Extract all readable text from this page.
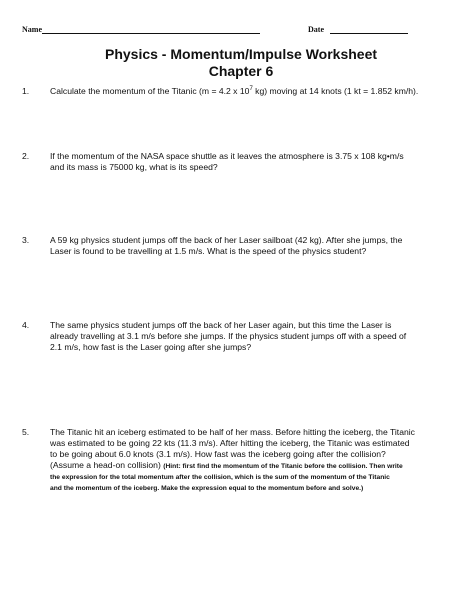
Name	Date
Physics - Momentum/Impulse Worksheet
Chapter 6
1. Calculate the momentum of the Titanic (m = 4.2 x $10^7$ kg) moving at 14 knots (1 kt = 1.852 km/h).

2. If the momentum of the NASA space shuttle as it leaves the atmosphere is 3.75 x 108 kg•m/s

and its mass is 75000 kg, what is its speed?

3. A 59 kg physics student jumps off the back of her Laser sailboat (42 kg). After she jumps, the

Laser is found to be travelling at 1.5 m/s. What is the speed of the physics student?

4. The same physics student jumps off the back of her Laser again, but this time the Laser is

already travelling at 3.1 m/s before she jumps. If the physics student jumps off with a speed of

2.1 m/s, how fast is the Laser going after she jumps?

5. The Titanic hit an iceberg estimated to be half of her mass. Before hitting the iceberg, the Titanic

was estimated to be going 22 kts (11.3 m/s). After hitting the iceberg, the Titanic was estimated

to be going about 6.0 knots (3.1 m/s). How fast was the iceberg going after the collision?

(Assume a head-on collision) (Hint: first find the momentum of the Titanic before the collision. Then write

the expression for the total momentum after the collision, which is the sum of the momentum of the Titanic

and the momentum of the iceberg. Make the expression equal to the momentum before and solve.)
